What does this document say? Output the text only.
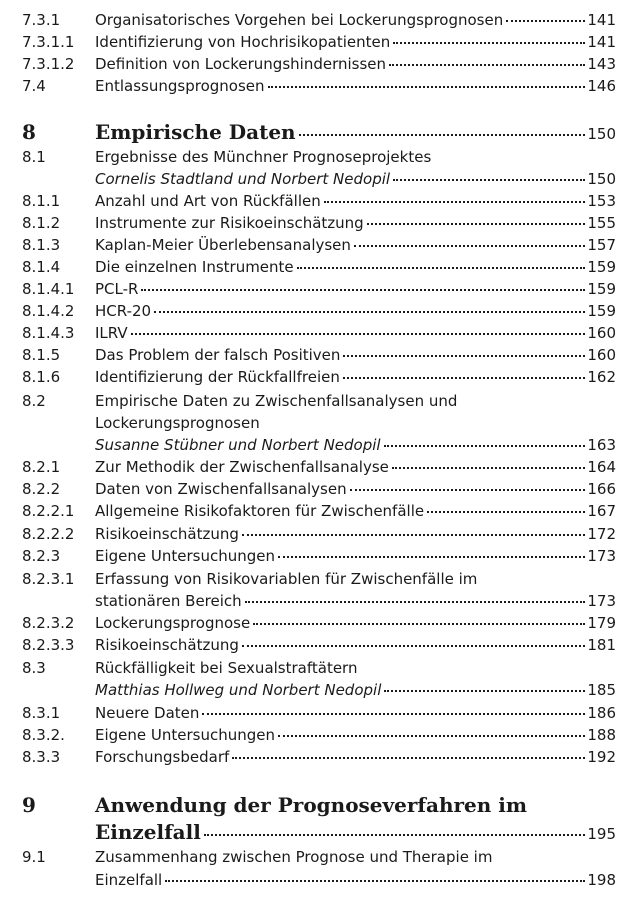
7.3.1 Organisatorisches Vorgehen bei Lockerungsprognosen	141
7.3.1.1 Identifizierung von Hochrisikopatienten	141
7.3.1.2 Definition von Lockerungshindernissen	143
7.4	Entlassungsprognosen	146
8	Empirische Daten	150
8.1	Ergebnisse des Münchner Prognoseprojektes
Cornelis Stadtland und Norbert Nedopil	150
8.1.1 Anzahl und Art von Rückfällen	153
8.1.2 Instrumente zur Risikoeinschätzung	155
8.1.3 Kaplan-Meier Überlebensanalysen	157
8.1.4 Die einzelnen Instrumente	159
8.1.4.1 PCL-R	159
8.1.4.2 HCR-20	159
8.1.4.3 ILRV	160
8.1.5 Das Problem der falsch Positiven	160
8.1.6 Identifizierung der Rückfallfreien	162
8.2	Empirische Daten zu Zwischenfallsanalysen und
Lockerungsprognosen
Susanne Stübner und Norbert Nedopil	163
8.2.1 Zur Methodik der Zwischenfallsanalyse	164
8.2.2 Daten von Zwischenfallsanalysen	166
8.2.2.1 Allgemeine Risikofaktoren für Zwischenfälle	167
8.2.2.2 Risikoeinschätzung	172
8.2.3 Eigene Untersuchungen	173
8.2.3.1 Erfassung von Risikovariablen für Zwischenfälle im
stationären Bereich	173
8.2.3.2 Lockerungsprognose	179
8.2.3.3 Risikoeinschätzung	181
8.3	Rückfälligkeit bei Sexualstraftätern
Matthias Hollweg und Norbert Nedopil	185
8.3.1 Neuere Daten	186
8.3.2. Eigene Untersuchungen	188
8.3.3 Forschungsbedarf	192
9	Anwendung der Prognoseverfahren im
Einzelfall	195
9.1	Zusammenhang zwischen Prognose und Therapie im
Einzelfall	198
